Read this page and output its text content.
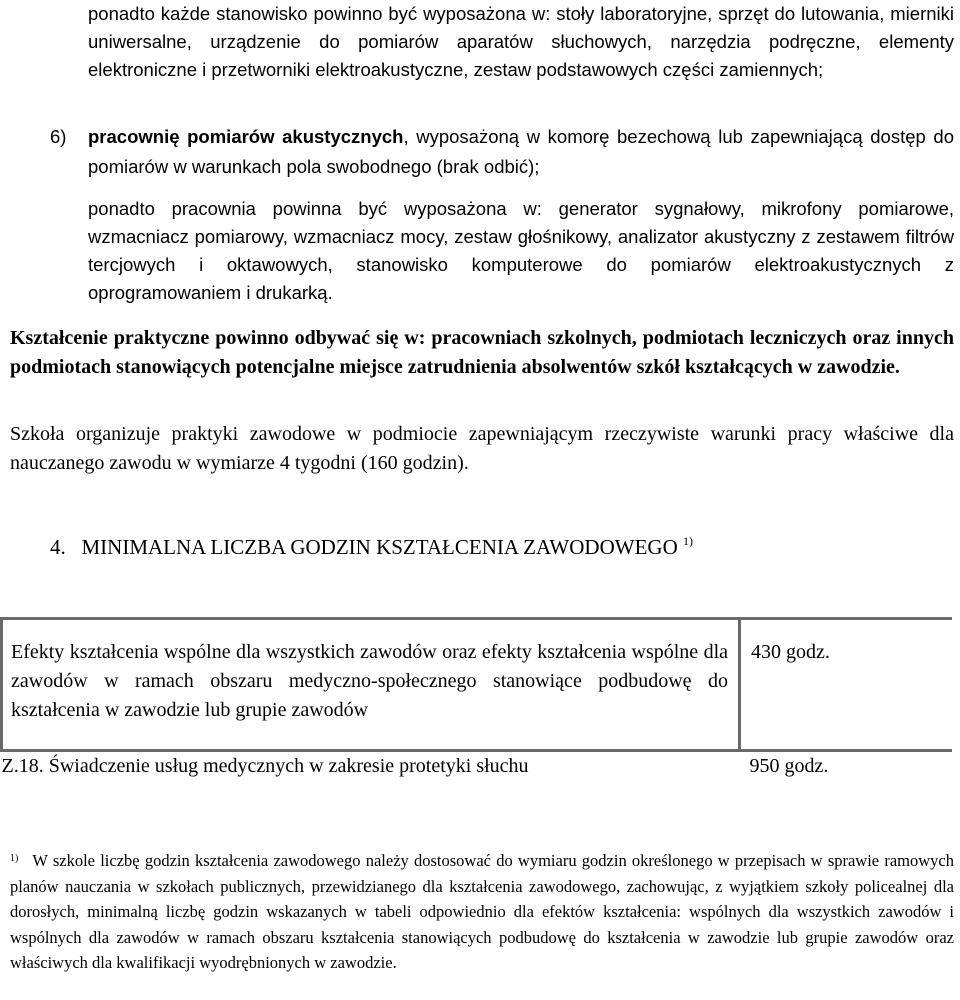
ponadto każde stanowisko powinno być wyposażona w: stoły laboratoryjne, sprzęt do lutowania, mierniki uniwersalne, urządzenie do pomiarów aparatów słuchowych, narzędzia podręczne, elementy elektroniczne i przetworniki elektroakustyczne, zestaw podstawowych części zamiennych;
6) pracownię pomiarów akustycznych, wyposażoną w komorę bezechową lub zapewniającą dostęp do pomiarów w warunkach pola swobodnego (brak odbić);
ponadto pracownia powinna być wyposażona w: generator sygnałowy, mikrofony pomiarowe, wzmacniacz pomiarowy, wzmacniacz mocy, zestaw głośnikowy, analizator akustyczny z zestawem filtrów tercjowych i oktawowych, stanowisko komputerowe do pomiarów elektroakustycznych z oprogramowaniem i drukarką.
Kształcenie praktyczne powinno odbywać się w: pracowniach szkolnych, podmiotach leczniczych oraz innych podmiotach stanowiących potencjalne miejsce zatrudnienia absolwentów szkół kształcących w zawodzie.
Szkoła organizuje praktyki zawodowe w podmiocie zapewniającym rzeczywiste warunki pracy właściwe dla nauczanego zawodu w wymiarze 4 tygodni (160 godzin).
4. MINIMALNA LICZBA GODZIN KSZTAŁCENIA ZAWODOWEGO $^{1)}$
Efekty kształcenia wspólne dla wszystkich zawodów oraz efekty kształcenia wspólne dla zawodów w ramach obszaru medyczno-społecznego stanowiące podbudowę do kształcenia w zawodzie lub grupie zawodów	430 godz.
Z.18. Świadczenie usług medycznych w zakresie protetyki słuchu	950 godz.
$^{1)}$ W szkole liczbę godzin kształcenia zawodowego należy dostosować do wymiaru godzin określonego w przepisach w sprawie ramowych planów nauczania w szkołach publicznych, przewidzianego dla kształcenia zawodowego, zachowując, z wyjątkiem szkoły policealnej dla dorosłych, minimalną liczbę godzin wskazanych w tabeli odpowiednio dla efektów kształcenia: wspólnych dla wszystkich zawodów i wspólnych dla zawodów w ramach obszaru kształcenia stanowiących podbudowę do kształcenia w zawodzie lub grupie zawodów oraz właściwych dla kwalifikacji wyodrębnionych w zawodzie.
